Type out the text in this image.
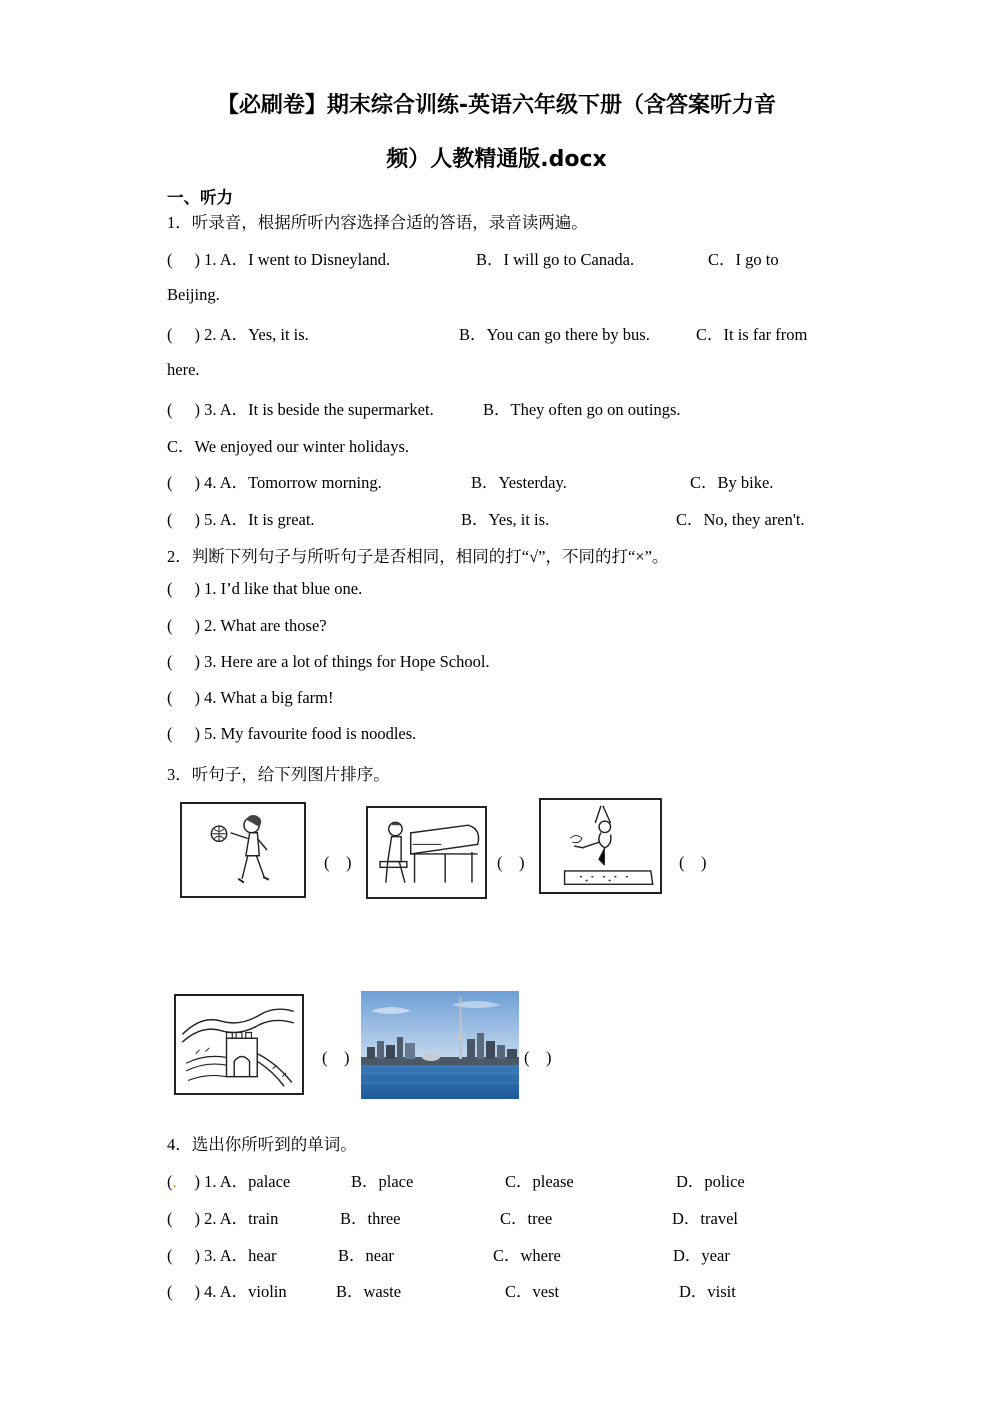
【必刷卷】期末综合训练-英语六年级下册（含答案听力音
频）人教精通版.docx
一、听力
1．听录音，根据所听内容选择合适的答语，录音读两遍。
( ) 1. A．I went to Disneyland.	B．I will go to Canada.	C．I go to
Beijing.
( ) 2. A．Yes, it is.	B．You can go there by bus.	C．It is far from
here.
( ) 3. A．It is beside the supermarket.	B．They often go on outings.
C．We enjoyed our winter holidays.
( ) 4. A．Tomorrow morning.	B．Yesterday.	C．By bike.
( ) 5. A．It is great.	B．Yes, it is.	C．No, they aren't.
2．判断下列句子与所听句子是否相同，相同的打“√”，不同的打“×”。
( ) 1. I’d like that blue one.
( ) 2. What are those?
( ) 3. Here are a lot of things for Hope School.
( ) 4. What a big farm!
( ) 5. My favourite food is noodles.
3．听句子，给下列图片排序。
(　)	(　)	(　)
(　)	(　)
4．选出你所听到的单词。
(. ) 1. A．palace	B．place	C．please	D．police
( ) 2. A．train	B．three	C．tree	D．travel
( ) 3. A．hear	B．near	C．where	D．year
( ) 4. A．violin	B．waste	C．vest	D．visit
